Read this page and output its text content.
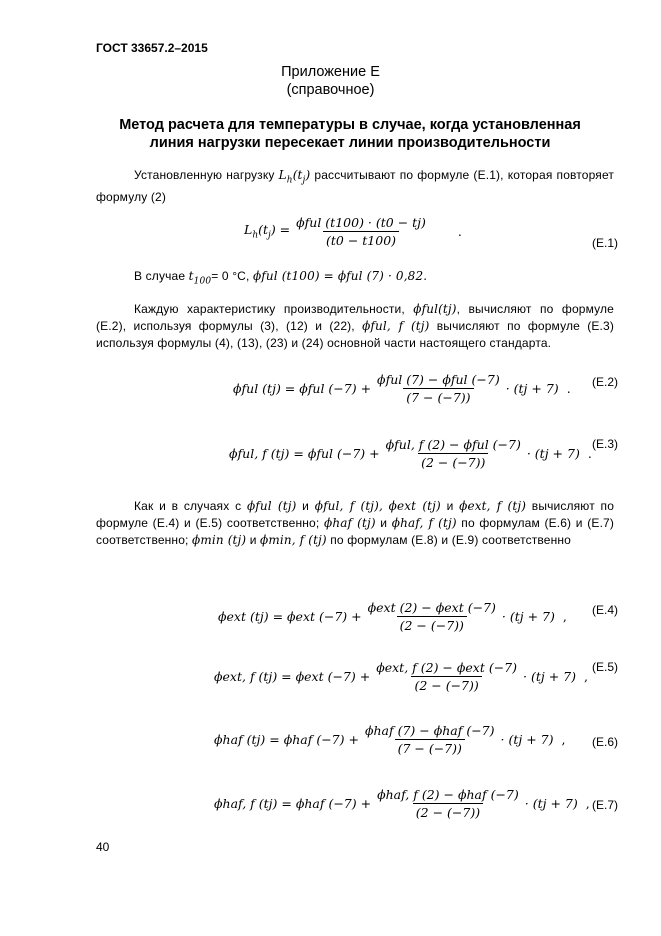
ГОСТ 33657.2–2015
Приложение Е
(справочное)
Метод расчета для температуры в случае, когда установленная
линия нагрузки пересекает линии производительности
Установленную нагрузку $L_h(t_j)$ рассчитывают по формуле (Е.1), которая повторяет формулу (2)
$L_h(t_j) = \frac{\text{ϕful (t100) · (t0 − tj)}}{(t0 - t100)}$ .
(Е.1)
В случае $t_{100}= 0$ °С, ϕful (t100) = ϕful (7) · 0,82.
Каждую характеристику производительности, ϕful(tj), вычисляют по формуле (Е.2), используя формулы (3), (12) и (22), ϕful, f (tj) вычисляют по формуле (Е.3) используя формулы (4), (13), (23) и (24) основной части настоящего стандарта.
ϕful (tj) = ϕful $(-7) + \frac{\text{ϕful (7) − ϕful (−7)}}{(7 - (-7))} \cdot (tj + 7)$ . (Е.2)
ϕful, f (tj) = ϕful $(-7) + \frac{\text{ϕful, f (2) − ϕful (−7)}}{(2 - (-7))} \cdot (tj + 7)$ .
(Е.3)
Как и в случаях с ϕful (tj) и ϕful, f (tj), ϕext (tj) и ϕext, f (tj) вычисляют по формуле (Е.4) и (Е.5) соответственно; ϕhaf (tj) и ϕhaf, f (tj) по формулам (Е.6) и (Е.7) соответственно; ϕmin (tj) и ϕmin, f (tj) по формулам (Е.8) и (Е.9) соответственно
ϕext (tj) = ϕext $(-7) + \frac{\text{ϕext (2) − ϕext (−7)}}{(2 - (-7))} \cdot (tj + 7)$ , (Е.4)
ϕext, f (tj) = ϕext $(-7) + \frac{\text{ϕext, f (2) − ϕext (−7)}}{(2 - (-7))} \cdot (tj + 7)$ ,
(Е.5)
ϕhaf (tj) = ϕhaf $(-7) + \frac{\text{ϕhaf (7) − ϕhaf (−7)}}{(7 - (-7))} \cdot (tj + 7)$ , (Е.6)
ϕhaf, f (tj) = ϕhaf $(-7) + \frac{\text{ϕhaf, f (2) − ϕhaf (−7)}}{(2 - (-7))} \cdot (tj + 7)$ , (Е.7)
40
